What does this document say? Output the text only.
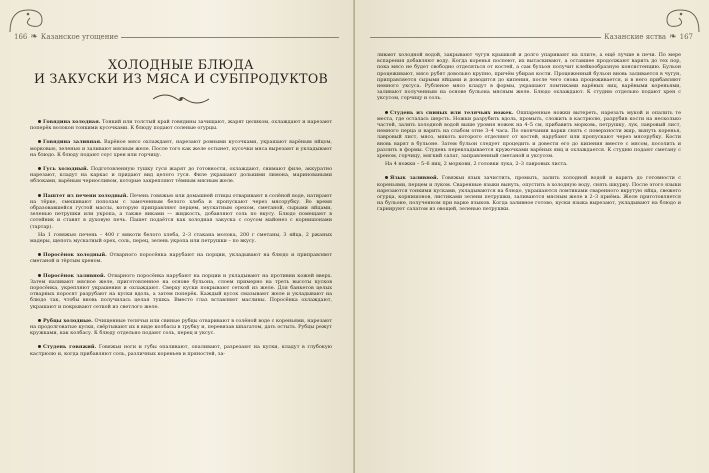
166 ❧ Казанское угощение
ХОЛОДНЫЕ БЛЮДА
И ЗАКУСКИ ИЗ МЯСА И СУБПРОДУКТОВ

Говядина холодная. Тонкий или толстый край говядины зачищают, жарят целиком, охлаждают и нарезают поперёк волокон тонкими кусочками. К блюду подают соленые огурцы.

Говядина заливная. Варёное мясо охлаждают, нарезают ровными кусочками, украшают варёным яйцом, морковью, зеленью и заливают мясным желе. После того как желе остынет, кусочки мяса вырезают и укладывают на блюдо. К блюду подают соус хрен или горчицу.

Гусь холодный. Подготовленную тушку гуся жарят до готовности, охлаждают, снимают филе, аккуратно нарезают, кладут на каркас и придают вид целого гуся. Филе украшают долькими лимона, мариноваными яблоками, варёным черносливом, которые закрепляют тёмным мясным желе.

Паштет из печени холодный. Печень говяжью или домашней птицы отваривают в солёной воде, натирают на тёрке, смешивают пополам с замоченным белого хлеба и пропускают через мясорубку. Во время образовавшейся густой массы, которую приправляют перцем, мускатным орехом, сметаной, сырыми яйцами, зеленью петрушки или укропа, а также яиками — жидкость, добавляют соль по вкусу. Блюдо помещают в сотейник и ставят в духовую печь. Пашет подаётся как холодная закуска с соусом майонез с корнишонами (тартар).

На 1 говяжью печень – 400 г мякоти белого хлеба, 2–3 стакана молока, 200 г сметаны, 3 яйца, 2 ржаных мадеры, щепоть мускатный орех, соль, перец, зелень укропа или петрушки – по вкусу.

Поросёнок холодный. Отварного поросёнка нарубают на порции, укладывают на блюдо и приправляют сметаной и тёртым хреном.

Поросёнок заливной. Отварного поросёнка нарубают на порции и укладывают на противни кожей вверх. Затем наливают мясное желе, приготовленное на основе бульона, слоем примерно на треть высоты кусков поросёнка, укрепляют украшения и охлаждают. Сверху куски покрывают сеткой из желе. Для банкетов целых отварных поросят разрубают на куски вдоль, а затем поперёк. Каждый кусок смазывают желе и укладывают на блюдо так, чтобы вновь получилась целая тушка. Вместо глаз вставляют маслины. Поросёнка охлаждают, украшают и покрывают сеткой из светлого желе.

Рубцы холодные. Очищенные телячьи или свиные рубцы отваривают в солёной воде с кореньями, нарезают на продолговатые куски, свёртывают их в виде колбасы в трубку и, перевязав шпагатом, дать остыть. Рубцы режут кружками, как колбасу. К блюду отдельно подают соль, перец и уксус.

Студень говяжий. Говяжьи ноги и губы опаливают, опаливают, разрезают на куски, кладут в глубокую кастрюлю и, когда прибавляют соль, различных кореньев и пряностей, за-

Казанские яства ❧ 167

ливают холодной водой, закрывают чугун крышкой и долго упаривают на плите, а ещё лучше в печи. По мере вспарения добавляют воду. Когда коренья поспеют, их вытаскивают, а оставшее продолжают варить до тех пор, пока мясо не будет свободно отделяться от костей, а сам бульон получит клейкообразную консистенцию. Бульон процеживают, мясо рубят довольно крупно, причём убирая кости. Процеженный бульон вновь заливается в чугун, приправляется сырыми яйцами и доводится до кипения, после чего снова процеживается, и в него прибавляют немного уксуса. Рубленое мясо кладут в формы, украшают ломтиками варёных яиц, варёными кореньями, заливают полученным на основе бульона мясным желе. Блюдо охлаждают. К студню отдельно подают хрен с уксусом, горчицу и соль.

Студень из свиных или телячьих ножек. Ошпаренные ножки вытереть, нарезать мукой и опалить те места, где осталась шерсть. Ножки разрубить вдоль, промыть, сложить в кастрюлю, разрубив кости на несколько частей, залить холодной водой выше уровня ножек на 4–5 см, прибавить морковь, петрушку, лук, лавровый лист, немного перца и варить на слабом огне 3–4 часа. По окончании варки снять с поверхности жир, вынуть коренья, лавровый лист, мясо, мякоть которого отделяют от костей, нарубают или пропускают через мясорубку. Кости вновь варят в бульоне. Затем бульон следует процедить и довести его до кипения вместе с мясом, посолить и разлить в формы. Студень перекладывается кружочками варёных яиц и охлаждается. К студню подают сметану с хреном, горчицу, мягкий салат, заправленный сметаной и уксусом.

На 4 ножки – 5–6 яиц, 2 моркови, 2 головки лука, 2–3 лавровых листа.

Язык заливной. Говяжьи язык зачистить, промыть, залить холодной водой и варить до готовности с кореньями, перцем и луком. Сваренные языки вынуть, опустить в холодную воду, снять шкурку. После этого языки нарезаются тонкими кусками, укладываются на блюдо, украшаются ломтиками сваренного вкрутую яйца, свежего огурца, корнишонов, листиками зелени петрушки, заливаются мясным желе в 2–3 приёма. Желе приготовляется на бульоне, полученном при варке языков. Когда заливное готово, куски языка вырезают, укладывают на блюдо и гарнируют салатом из овощей, зеленью петрушки.
